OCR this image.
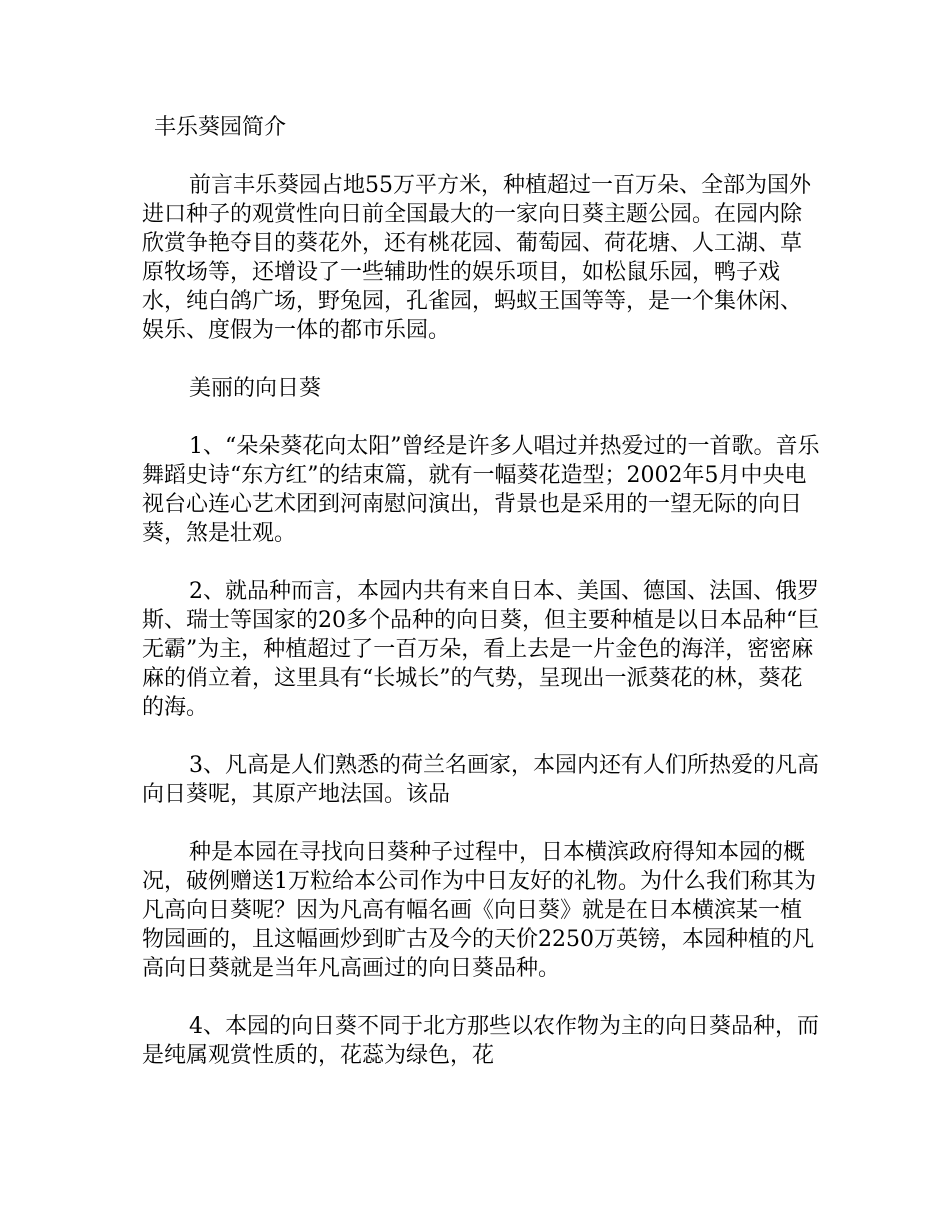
丰乐葵园简介

前言丰乐葵园占地55万平方米，种植超过一百万朵、全部为国外进口种子的观赏性向日前全国最大的一家向日葵主题公园。在园内除欣赏争艳夺目的葵花外，还有桃花园、葡萄园、荷花塘、人工湖、草原牧场等，还增设了一些辅助性的娱乐项目，如松鼠乐园，鸭子戏水，纯白鸽广场，野兔园，孔雀园，蚂蚁王国等等，是一个集休闲、娱乐、度假为一体的都市乐园。

美丽的向日葵

1、“朵朵葵花向太阳”曾经是许多人唱过并热爱过的一首歌。音乐舞蹈史诗“东方红”的结束篇，就有一幅葵花造型；2002年5月中央电视台心连心艺术团到河南慰问演出，背景也是采用的一望无际的向日葵，煞是壮观。

2、就品种而言，本园内共有来自日本、美国、德国、法国、俄罗斯、瑞士等国家的20多个品种的向日葵，但主要种植是以日本品种“巨无霸”为主，种植超过了一百万朵，看上去是一片金色的海洋，密密麻麻的俏立着，这里具有“长城长”的气势，呈现出一派葵花的林，葵花的海。

3、凡高是人们熟悉的荷兰名画家，本园内还有人们所热爱的凡高向日葵呢，其原产地法国。该品

种是本园在寻找向日葵种子过程中，日本横滨政府得知本园的概况，破例赠送1万粒给本公司作为中日友好的礼物。为什么我们称其为凡高向日葵呢？因为凡高有幅名画《向日葵》就是在日本横滨某一植物园画的，且这幅画炒到旷古及今的天价2250万英镑，本园种植的凡高向日葵就是当年凡高画过的向日葵品种。

4、本园的向日葵不同于北方那些以农作物为主的向日葵品种，而是纯属观赏性质的，花蕊为绿色，花
